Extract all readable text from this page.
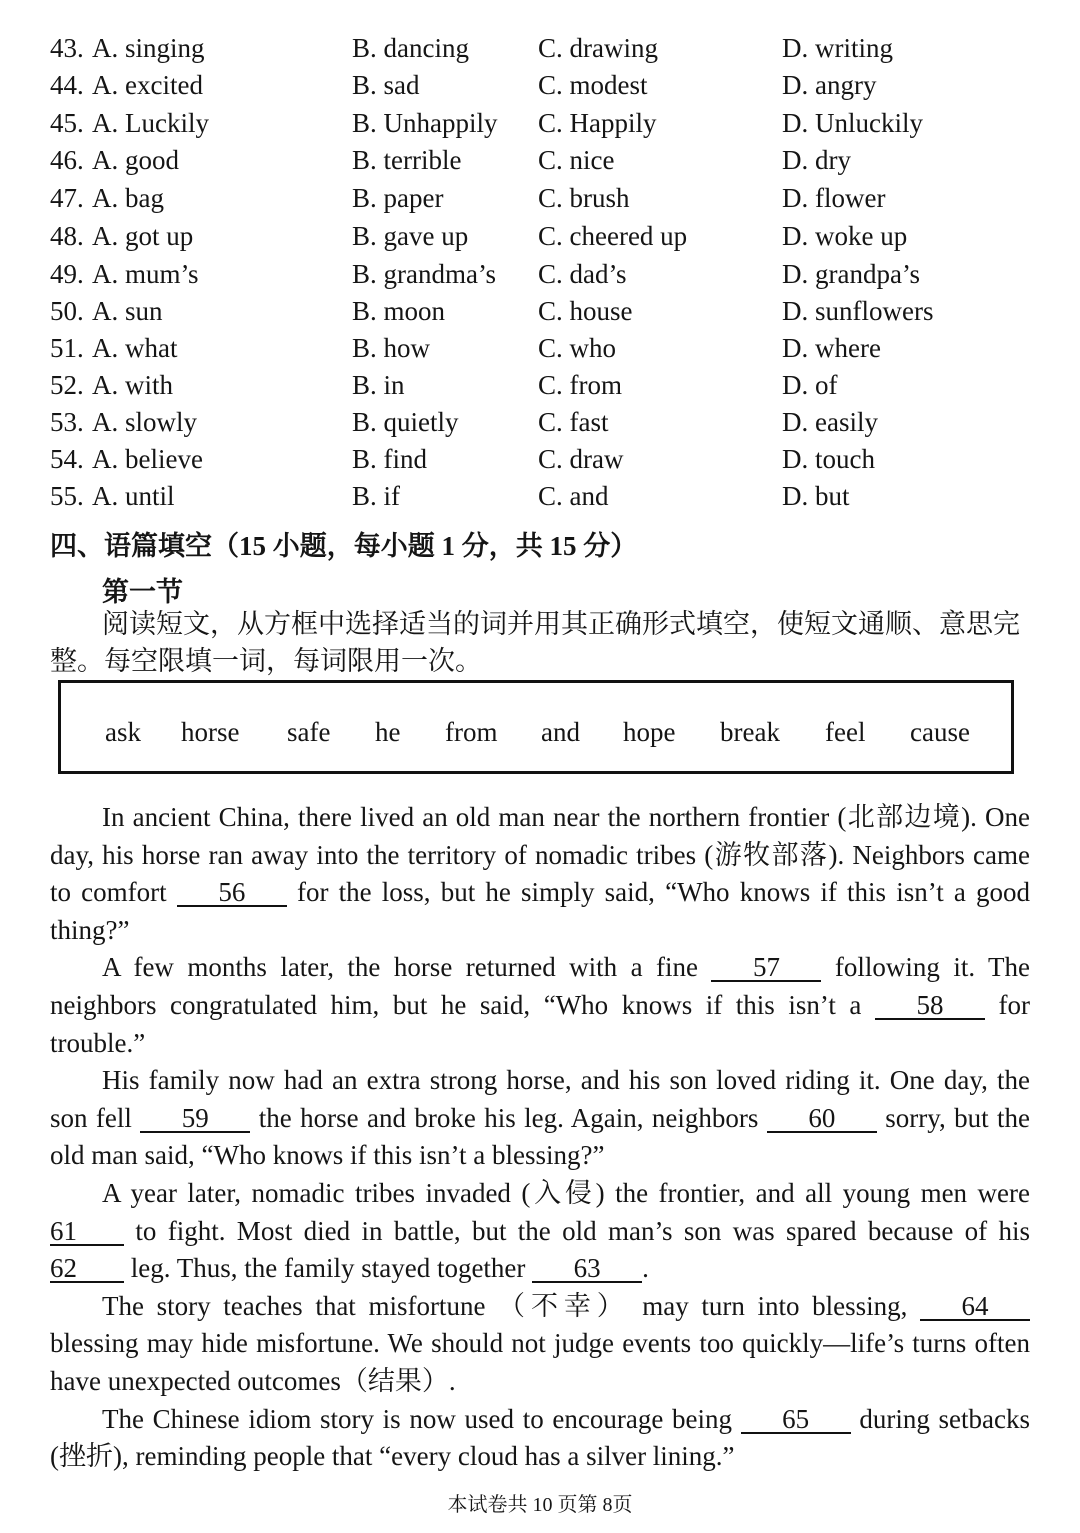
43. A. singing	B. dancing	C. drawing	D. writing
44. A. excited	B. sad	C. modest	D. angry
45. A. Luckily	B. Unhappily C. Happily	D. Unluckily
46. A. good	B. terrible	C. nice	D. dry
47. A. bag	B. paper	C. brush	D. flower
48. A. got up	B. gave up	C. cheered up	D. woke up
49. A. mum’s	B. grandma’s C. dad’s	D. grandpa’s
50. A. sun	B. moon	C. house	D. sunflowers
51. A. what	B. how	C. who	D. where
52. A. with	B. in	C. from	D. of
53. A. slowly	B. quietly	C. fast	D. easily
54. A. believe	B. find	C. draw	D. touch
55. A. until	B. if	C. and	D. but
四、语篇填空（15 小题，每小题 1 分，共 15 分）
第一节

阅读短文，从方框中选择适当的词并用其正确形式填空，使短文通顺、意思完整。每空限填一词，每词限用一次。

ask horse safe he from and hope break feel cause

In ancient China, there lived an old man near the northern frontier (北部边境). One day, his horse ran away into the territory of nomadic tribes (游牧部落). Neighbors came to comfort 56 for the loss, but he simply said, “Who knows if this isn’t a good thing?”

A few months later, the horse returned with a fine 57 following it. The neighbors congratulated him, but he said, “Who knows if this isn’t a 58 for trouble.”

His family now had an extra strong horse, and his son loved riding it. One day, the son fell 59 the horse and broke his leg. Again, neighbors 60 sorry, but the old man said, “Who knows if this isn’t a blessing?”

A year later, nomadic tribes invaded (入侵) the frontier, and all young men were 61 to fight. Most died in battle, but the old man’s son was spared because of his 62 leg. Thus, the family stayed together 63 .

The story teaches that misfortune （不幸） may turn into blessing, 64 blessing may hide misfortune. We should not judge events too quickly—life’s turns often have unexpected outcomes（结果）.

The Chinese idiom story is now used to encourage being 65 during setbacks (挫折), reminding people that “every cloud has a silver lining.”

本试卷共 10 页第 8页
